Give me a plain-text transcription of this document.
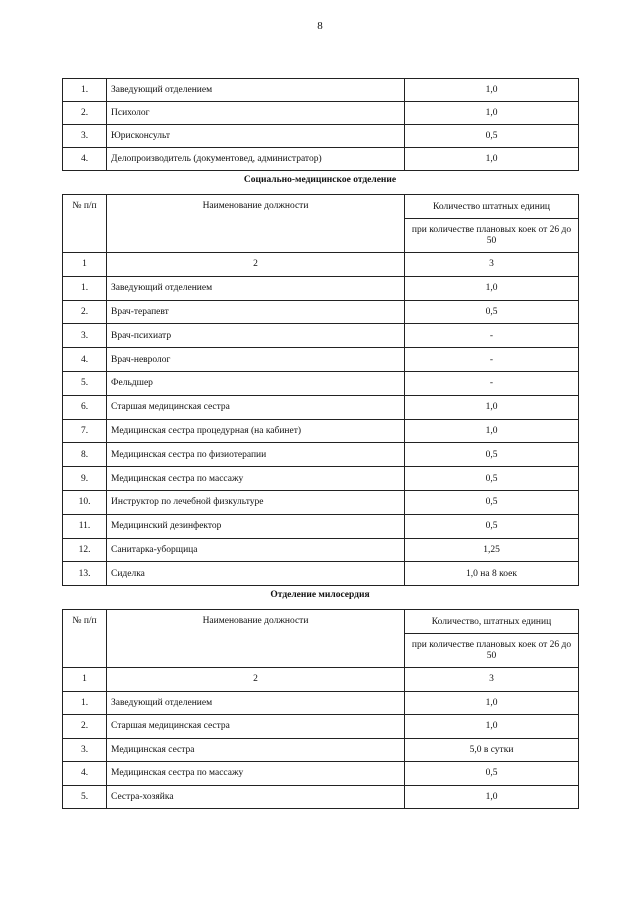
8
1.	Заведующий отделением	1,0
2.	Психолог	1,0
3.	Юрисконсульт	0,5
4.	Делопроизводитель (документовед, администратор)	1,0
Социально-медицинское отделение
№ п/п	Наименование должности	Количество штатных единиц
		при количестве плановых коек от 26 до 50
1	2	3
1.	Заведующий отделением	1,0
2.	Врач-терапевт	0,5
3.	Врач-психиатр	-
4.	Врач-невролог	-
5.	Фельдшер	-
6.	Старшая медицинская сестра	1,0
7.	Медицинская сестра процедурная (на кабинет)	1,0
8.	Медицинская сестра по физиотерапии	0,5
9.	Медицинская сестра по массажу	0,5
10.	Инструктор по лечебной физкультуре	0,5
11.	Медицинский дезинфектор	0,5
12.	Санитарка-уборщица	1,25
13.	Сиделка	1,0 на 8 коек
Отделение милосердия
№ п/п	Наименование должности	Количество, штатных единиц
		при количестве плановых коек от 26 до 50
1	2	3
1.	Заведующий отделением	1,0
2.	Старшая медицинская сестра	1,0
3.	Медицинская сестра	5,0 в сутки
4.	Медицинская сестра по массажу	0,5
5.	Сестра-хозяйка	1,0
